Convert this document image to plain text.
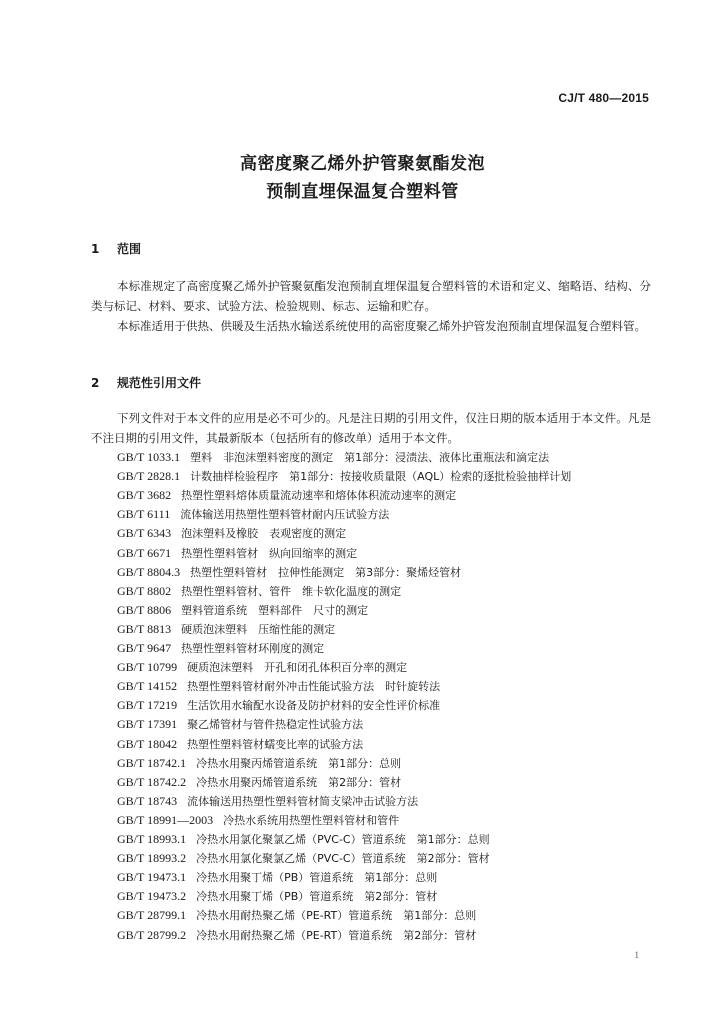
CJ/T 480—2015
高密度聚乙烯外护管聚氨酯发泡
预制直埋保温复合塑料管
1 范围
本标准规定了高密度聚乙烯外护管聚氨酯发泡预制直埋保温复合塑料管的术语和定义、缩略语、结构、分类与标记、材料、要求、试验方法、检验规则、标志、运输和贮存。
本标准适用于供热、供暖及生活热水输送系统使用的高密度聚乙烯外护管发泡预制直埋保温复合塑料管。
2 规范性引用文件
下列文件对于本文件的应用是必不可少的。凡是注日期的引用文件，仅注日期的版本适用于本文件。凡是不注日期的引用文件，其最新版本（包括所有的修改单）适用于本文件。
GB/T 1033.1 塑料　非泡沫塑料密度的测定　第1部分：浸渍法、液体比重瓶法和滴定法
GB/T 2828.1 计数抽样检验程序　第1部分：按接收质量限（AQL）检索的逐批检验抽样计划
GB/T 3682 热塑性塑料熔体质量流动速率和熔体体积流动速率的测定
GB/T 6111 流体输送用热塑性塑料管材耐内压试验方法
GB/T 6343 泡沫塑料及橡胶　表观密度的测定
GB/T 6671 热塑性塑料管材　纵向回缩率的测定
GB/T 8804.3 热塑性塑料管材　拉伸性能测定　第3部分：聚烯烃管材
GB/T 8802 热塑性塑料管材、管件　维卡软化温度的测定
GB/T 8806 塑料管道系统　塑料部件　尺寸的测定
GB/T 8813 硬质泡沫塑料　压缩性能的测定
GB/T 9647 热塑性塑料管材环刚度的测定
GB/T 10799 硬质泡沫塑料　开孔和闭孔体积百分率的测定
GB/T 14152 热塑性塑料管材耐外冲击性能试验方法　时针旋转法
GB/T 17219 生活饮用水输配水设备及防护材料的安全性评价标准
GB/T 17391 聚乙烯管材与管件热稳定性试验方法
GB/T 18042 热塑性塑料管材蠕变比率的试验方法
GB/T 18742.1 冷热水用聚丙烯管道系统　第1部分：总则
GB/T 18742.2 冷热水用聚丙烯管道系统　第2部分：管材
GB/T 18743 流体输送用热塑性塑料管材简支梁冲击试验方法
GB/T 18991—2003 冷热水系统用热塑性塑料管材和管件
GB/T 18993.1 冷热水用氯化聚氯乙烯（PVC-C）管道系统　第1部分：总则
GB/T 18993.2 冷热水用氯化聚氯乙烯（PVC-C）管道系统　第2部分：管材
GB/T 19473.1 冷热水用聚丁烯（PB）管道系统　第1部分：总则
GB/T 19473.2 冷热水用聚丁烯（PB）管道系统　第2部分：管材
GB/T 28799.1 冷热水用耐热聚乙烯（PE-RT）管道系统　第1部分：总则
GB/T 28799.2 冷热水用耐热聚乙烯（PE-RT）管道系统　第2部分：管材
1
